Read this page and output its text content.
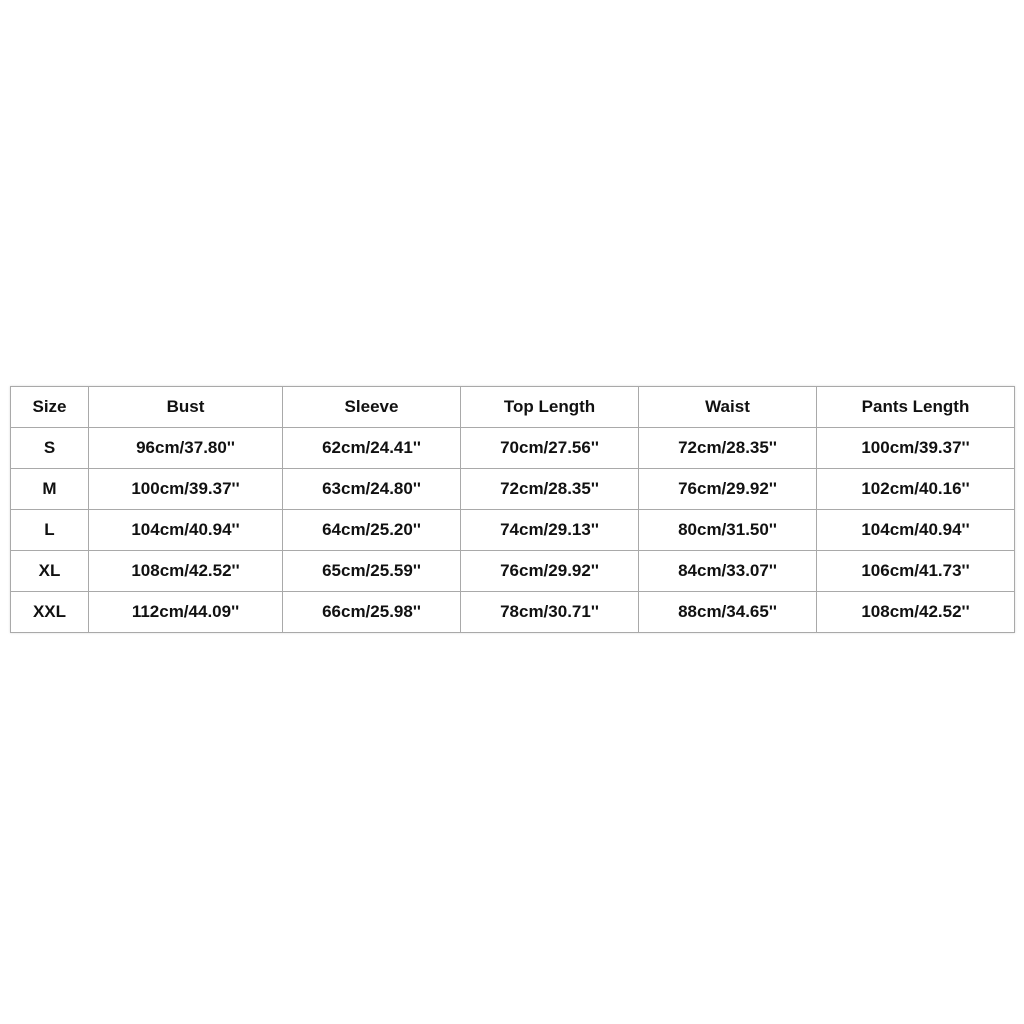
Size	Bust	Sleeve	Top Length	Waist	Pants Length
S	96cm/37.80''	62cm/24.41''	70cm/27.56''	72cm/28.35''	100cm/39.37''
M	100cm/39.37''	63cm/24.80''	72cm/28.35''	76cm/29.92''	102cm/40.16''
L	104cm/40.94''	64cm/25.20''	74cm/29.13''	80cm/31.50''	104cm/40.94''
XL	108cm/42.52''	65cm/25.59''	76cm/29.92''	84cm/33.07''	106cm/41.73''
XXL	112cm/44.09''	66cm/25.98''	78cm/30.71''	88cm/34.65''	108cm/42.52''
